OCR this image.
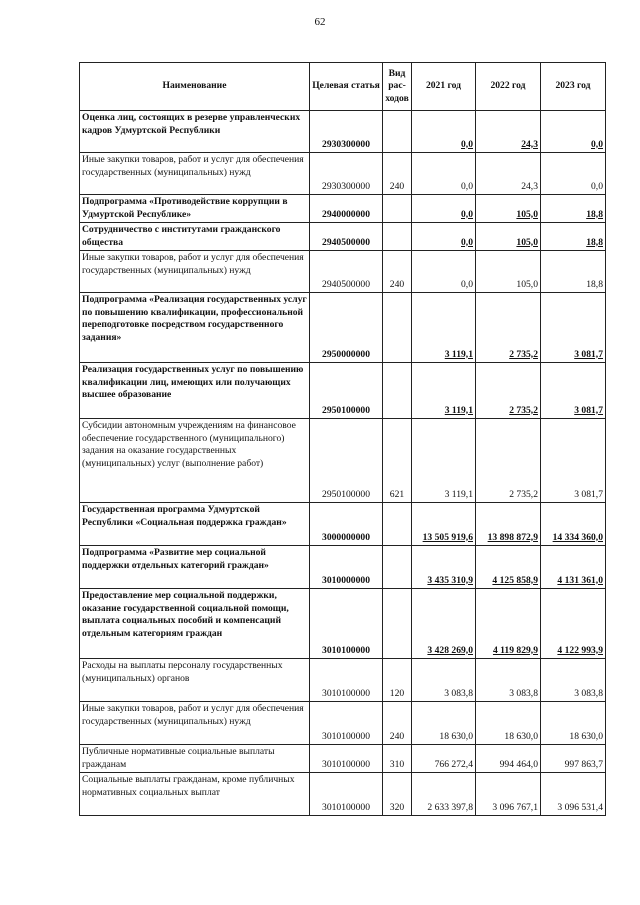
62
Наименование	Целевая статья	Вид рас-ходов	2021 год	2022 год	2023 год
Оценка лиц, состоящих в резерве управленческих кадров Удмуртской Республики	2930300000		0,0	24,3	0,0
Иные закупки товаров, работ и услуг для обеспечения государственных (муниципальных) нужд	2930300000	240	0,0	24,3	0,0
Подпрограмма «Противодействие коррупции в Удмуртской Республике»	2940000000		0,0	105,0	18,8
Сотрудничество с институтами гражданского общества	2940500000		0,0	105,0	18,8
Иные закупки товаров, работ и услуг для обеспечения государственных (муниципальных) нужд	2940500000	240	0,0	105,0	18,8
Подпрограмма «Реализация государственных услуг по повышению квалификации, профессиональной переподготовке посредством государственного задания»	2950000000		3 119,1	2 735,2	3 081,7
Реализация государственных услуг по повышению квалификации лиц, имеющих или получающих высшее образование	2950100000		3 119,1	2 735,2	3 081,7
Субсидии автономным учреждениям на финансовое обеспечение государственного (муниципального) задания на оказание государственных (муниципальных) услуг (выполнение работ)	2950100000	621	3 119,1	2 735,2	3 081,7
Государственная программа Удмуртской Республики «Социальная поддержка граждан»	3000000000		13 505 919,6	13 898 872,9	14 334 360,0
Подпрограмма «Развитие мер социальной поддержки отдельных категорий граждан»	3010000000		3 435 310,9	4 125 858,9	4 131 361,0
Предоставление мер социальной поддержки, оказание государственной социальной помощи, выплата социальных пособий и компенсаций отдельным категориям граждан	3010100000		3 428 269,0	4 119 829,9	4 122 993,9
Расходы на выплаты персоналу государственных (муниципальных) органов	3010100000	120	3 083,8	3 083,8	3 083,8
Иные закупки товаров, работ и услуг для обеспечения государственных (муниципальных) нужд	3010100000	240	18 630,0	18 630,0	18 630,0
Публичные нормативные социальные выплаты гражданам	3010100000	310	766 272,4	994 464,0	997 863,7
Социальные выплаты гражданам, кроме публичных нормативных социальных выплат	3010100000	320	2 633 397,8	3 096 767,1	3 096 531,4
